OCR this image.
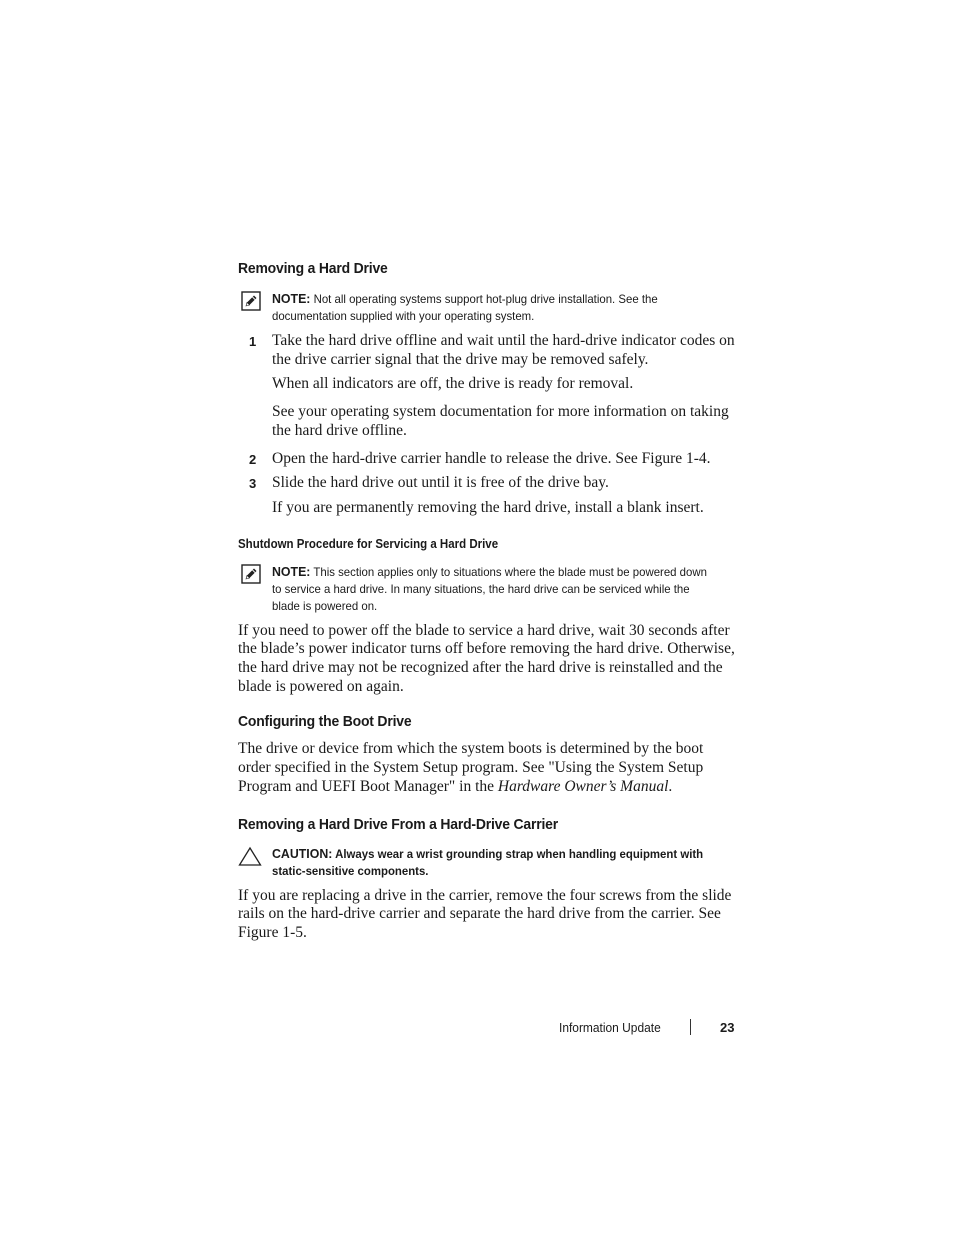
Removing a Hard Drive
NOTE: Not all operating systems support hot-plug drive installation. See the documentation supplied with your operating system.
1 Take the hard drive offline and wait until the hard-drive indicator codes on the drive carrier signal that the drive may be removed safely.

When all indicators are off, the drive is ready for removal.

See your operating system documentation for more information on taking the hard drive offline.

2 Open the hard-drive carrier handle to release the drive. See Figure 1-4.

3 Slide the hard drive out until it is free of the drive bay.

If you are permanently removing the hard drive, install a blank insert.

Shutdown Procedure for Servicing a Hard Drive
NOTE: This section applies only to situations where the blade must be powered down to service a hard drive. In many situations, the hard drive can be serviced while the blade is powered on.

If you need to power off the blade to service a hard drive, wait 30 seconds after the blade’s power indicator turns off before removing the hard drive. Otherwise, the hard drive may not be recognized after the hard drive is reinstalled and the blade is powered on again.

Configuring the Boot Drive

The drive or device from which the system boots is determined by the boot order specified in the System Setup program. See "Using the System Setup Program and UEFI Boot Manager" in the Hardware Owner’s Manual.

Removing a Hard Drive From a Hard-Drive Carrier
CAUTION: Always wear a wrist grounding strap when handling equipment with static-sensitive components.

If you are replacing a drive in the carrier, remove the four screws from the slide rails on the hard-drive carrier and separate the hard drive from the carrier. See Figure 1-5.

Information Update	23
